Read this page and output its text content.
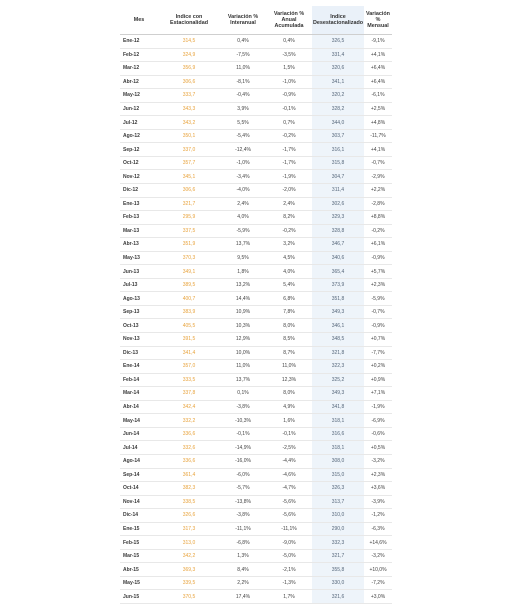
Mes	Indice con Estacionalidad	Variación % Interanual	Variación % Anual Acumulada	Indice Desestacionalizado	Variación % Mensual
Ene-12	314,5	0,4%	0,4%	326,5	-9,1%
Feb-12	324,9	-7,5%	-3,5%	331,4	+4,1%
Mar-12	356,9	11,0%	1,5%	320,6	+6,4%
Abr-12	306,6	-8,1%	-1,0%	341,1	+6,4%
May-12	333,7	-0,4%	-0,9%	320,2	-6,1%
Jun-12	343,3	3,9%	-0,1%	328,2	+2,5%
Jul-12	343,2	5,5%	0,7%	344,0	+4,8%
Ago-12	350,1	-5,4%	-0,2%	303,7	-11,7%
Sep-12	337,0	-12,4%	-1,7%	316,1	+4,1%
Oct-12	357,7	-1,0%	-1,7%	315,8	-0,7%
Nov-12	345,1	-3,4%	-1,9%	304,7	-2,9%
Dic-12	306,6	-4,0%	-2,0%	311,4	+2,2%
Ene-13	321,7	2,4%	2,4%	302,6	-2,8%
Feb-13	295,9	4,0%	8,2%	329,3	+8,8%
Mar-13	337,5	-5,9%	-0,2%	328,8	-0,2%
Abr-13	351,9	13,7%	3,2%	346,7	+6,1%
May-13	370,3	9,5%	4,5%	340,6	-0,9%
Jun-13	349,1	1,8%	4,0%	365,4	+5,7%
Jul-13	389,5	13,2%	5,4%	373,9	+2,3%
Ago-13	400,7	14,4%	6,8%	351,8	-5,9%
Sep-13	383,9	10,9%	7,8%	349,3	-0,7%
Oct-13	405,5	10,3%	8,0%	346,1	-0,9%
Nov-13	391,5	12,9%	8,5%	348,5	+0,7%
Dic-13	341,4	10,0%	8,7%	321,8	-7,7%
Ene-14	357,0	11,0%	11,0%	322,3	+0,2%
Feb-14	333,5	13,7%	12,3%	325,2	+0,9%
Mar-14	337,8	0,1%	8,0%	349,3	+7,1%
Abr-14	342,4	-3,8%	4,9%	341,8	-1,9%
May-14	332,2	-10,3%	1,6%	318,1	-6,9%
Jun-14	336,6	-0,1%	-0,1%	316,6	-0,6%
Jul-14	332,6	-14,9%	-2,5%	318,1	+0,5%
Ago-14	336,6	-16,0%	-4,4%	308,0	-3,2%
Sep-14	361,4	-6,0%	-4,6%	315,0	+2,3%
Oct-14	382,3	-5,7%	-4,7%	326,3	+3,6%
Nov-14	338,5	-13,8%	-5,6%	313,7	-3,9%
Dic-14	326,6	-3,8%	-5,6%	310,0	-1,2%
Ene-15	317,3	-11,1%	-11,1%	290,0	-6,3%
Feb-15	313,0	-6,8%	-9,0%	332,3	+14,6%
Mar-15	342,2	1,3%	-5,0%	321,7	-3,2%
Abr-15	369,3	8,4%	-2,1%	355,8	+10,0%
May-15	339,5	2,2%	-1,3%	330,0	-7,2%
Jun-15	370,5	17,4%	1,7%	321,6	+3,0%
